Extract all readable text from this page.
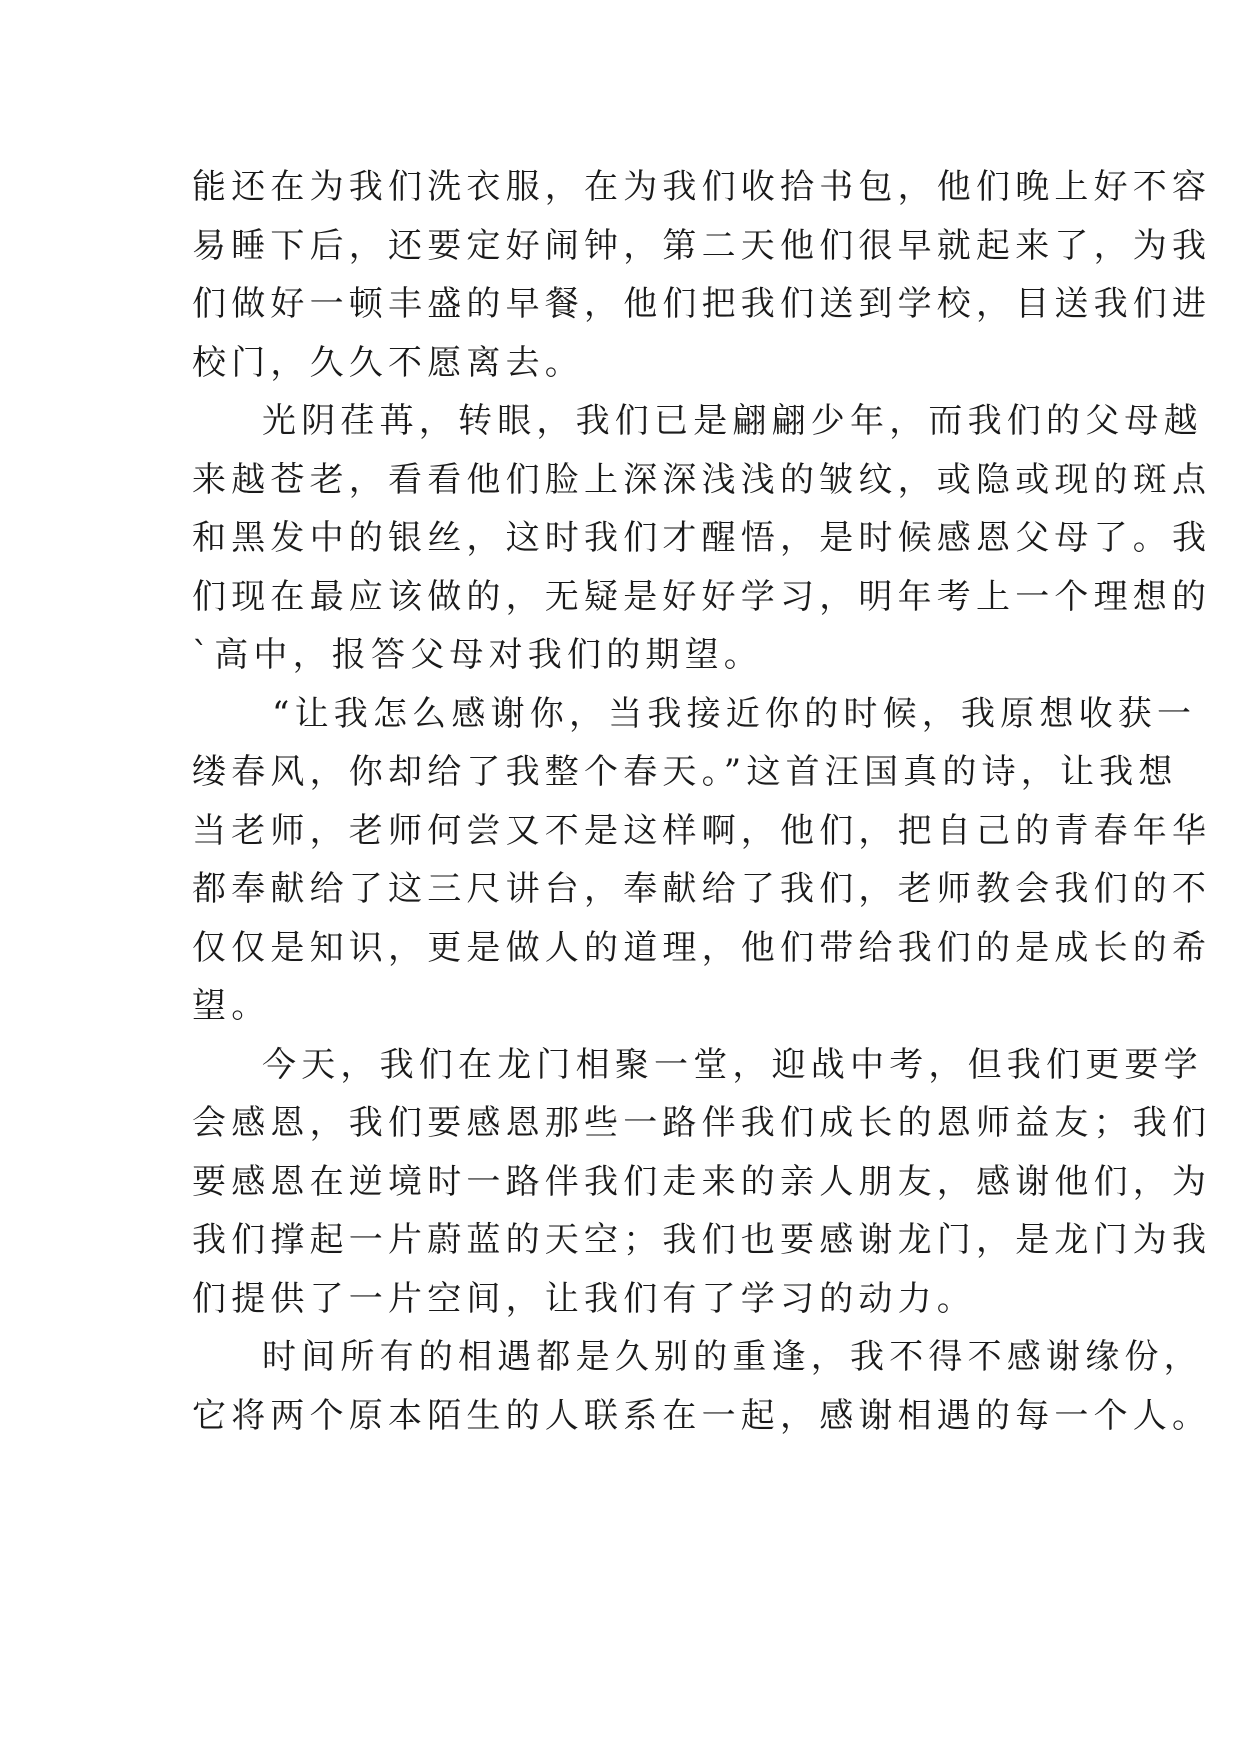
能还在为我们洗衣服，在为我们收拾书包，他们晚上好不容
易睡下后，还要定好闹钟，第二天他们很早就起来了，为我
们做好一顿丰盛的早餐，他们把我们送到学校，目送我们进
校门，久久不愿离去。
光阴荏苒，转眼，我们已是翩翩少年，而我们的父母越
来越苍老，看看他们脸上深深浅浅的皱纹，或隐或现的斑点
和黑发中的银丝，这时我们才醒悟，是时候感恩父母了。我
们现在最应该做的，无疑是好好学习，明年考上一个理想的
`高中，报答父母对我们的期望。
“让我怎么感谢你，当我接近你的时候，我原想收获一
缕春风，你却给了我整个春天。”这首汪国真的诗，让我想
当老师，老师何尝又不是这样啊，他们，把自己的青春年华
都奉献给了这三尺讲台，奉献给了我们，老师教会我们的不
仅仅是知识，更是做人的道理，他们带给我们的是成长的希
望。
今天，我们在龙门相聚一堂，迎战中考，但我们更要学
会感恩，我们要感恩那些一路伴我们成长的恩师益友；我们
要感恩在逆境时一路伴我们走来的亲人朋友，感谢他们，为
我们撑起一片蔚蓝的天空；我们也要感谢龙门，是龙门为我
们提供了一片空间，让我们有了学习的动力。
时间所有的相遇都是久别的重逢，我不得不感谢缘份，
它将两个原本陌生的人联系在一起，感谢相遇的每一个人。
